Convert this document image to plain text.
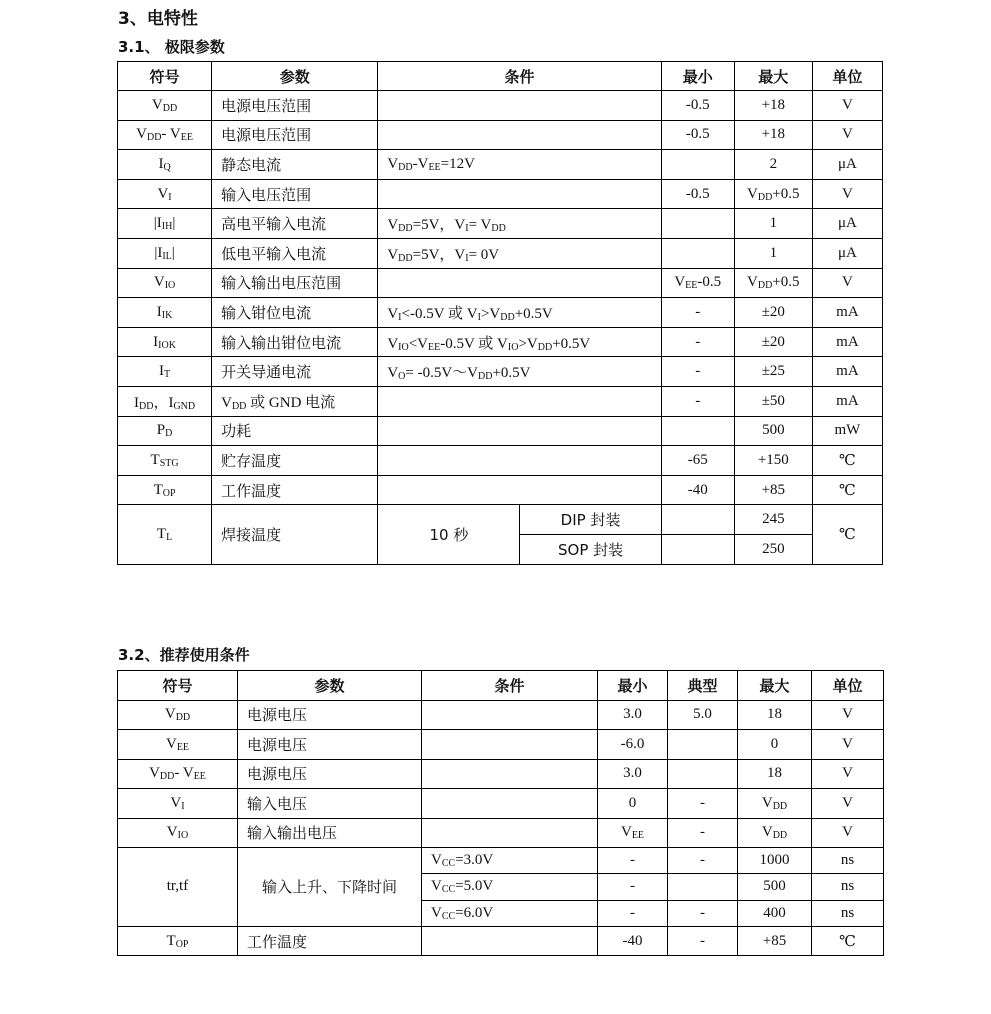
3、电特性
3.1、 极限参数
符号	参数	条件		最小	最大	单位
$V_{DD}$	电源电压范围			-0.5	+18	V
$V_{DD}-$ $V_{EE}$	电源电压范围			-0.5	+18	V
$I_Q$	静态电流	$V_{DD}-V_{EE}=12V$			2	μA
$V_I$	输入电压范围			-0.5	$V_{DD}+0.5$	V
$|I_{IH}|$	高电平输入电流	$V_{DD}=5V$，$V_I= V_{DD}$			1	μA
$|I_{IL}|$	低电平输入电流	$V_{DD}=5V$，$V_I= 0V$			1	μA
$V_{IO}$	输入输出电压范围			$V_{EE}-0.5$	$V_{DD}+0.5$	V
$I_{IK}$	输入钳位电流	$V_I<-0.5V$ 或 $V_I>V_{DD}+0.5V$		-	±20	mA
$I_{IOK}$	输入输出钳位电流	$V_{IO}<V_{EE}-0.5V$ 或 $V_{IO}>V_{DD}+0.5V$		-	±20	mA
$I_T$	开关导通电流	$V_O=$ $-0.5V\sim V_{DD}+0.5V$		-	±25	mA
$I_{DD}$，$I_{GND}$	$V_{DD}$ 或 GND 电流			-	±50	mA
$P_D$	功耗				500	mW
$T_{STG}$	贮存温度			-65	+150	℃
$T_{OP}$	工作温度			-40	+85	℃
$T_L$	焊接温度	10 秒	DIP 封装		245	℃
			SOP 封装		250	
3.2、推荐使用条件
符号	参数	条件	最小	典型	最大	单位
$V_{DD}$	电源电压		3.0	5.0	18	V
$V_{EE}$	电源电压		-6.0		0	V
$V_{DD}-$ $V_{EE}$	电源电压		3.0		18	V
$V_I$	输入电压		0	-	$V_{DD}$	V
$V_{IO}$	输入输出电压		$V_{EE}$	-	$V_{DD}$	V
tr,tf	输入上升、下降时间	$V_{CC}=3.0V$	-	-	1000	ns
		$V_{CC}=5.0V$	-		500	ns
		$V_{CC}=6.0V$	-	-	400	ns
$T_{OP}$	工作温度		-40	-	+85	℃
